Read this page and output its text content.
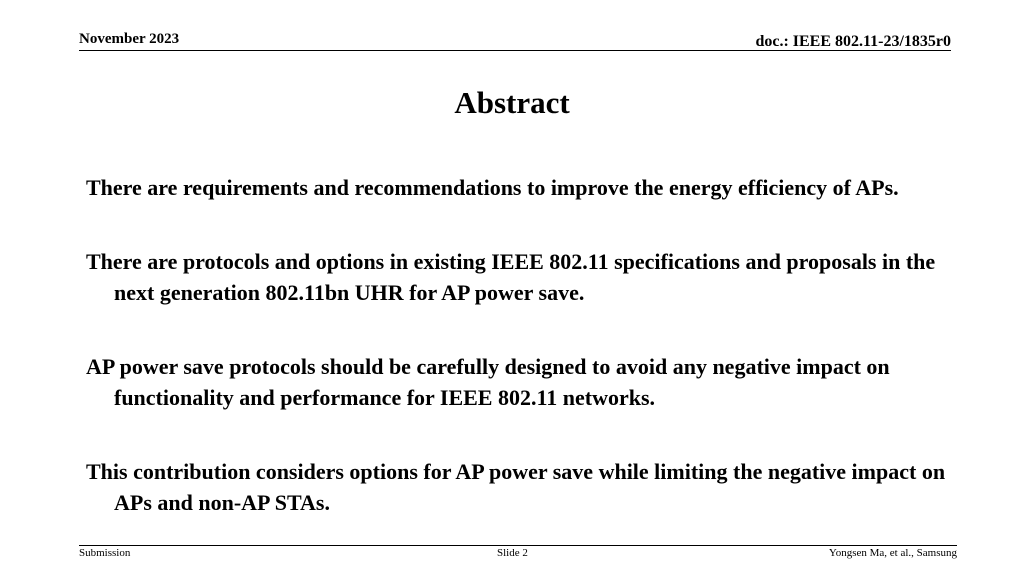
November 2023	doc.: IEEE 802.11-23/1835r0
Abstract

There are requirements and recommendations to improve the energy efficiency of APs.

There are protocols and options in existing IEEE 802.11 specifications and proposals in the next generation 802.11bn UHR for AP power save.

AP power save protocols should be carefully designed to avoid any negative impact on functionality and performance for IEEE 802.11 networks.

This contribution considers options for AP power save while limiting the negative impact on APs and non-AP STAs.

Submission	Slide 2	Yongsen Ma, et al., Samsung
